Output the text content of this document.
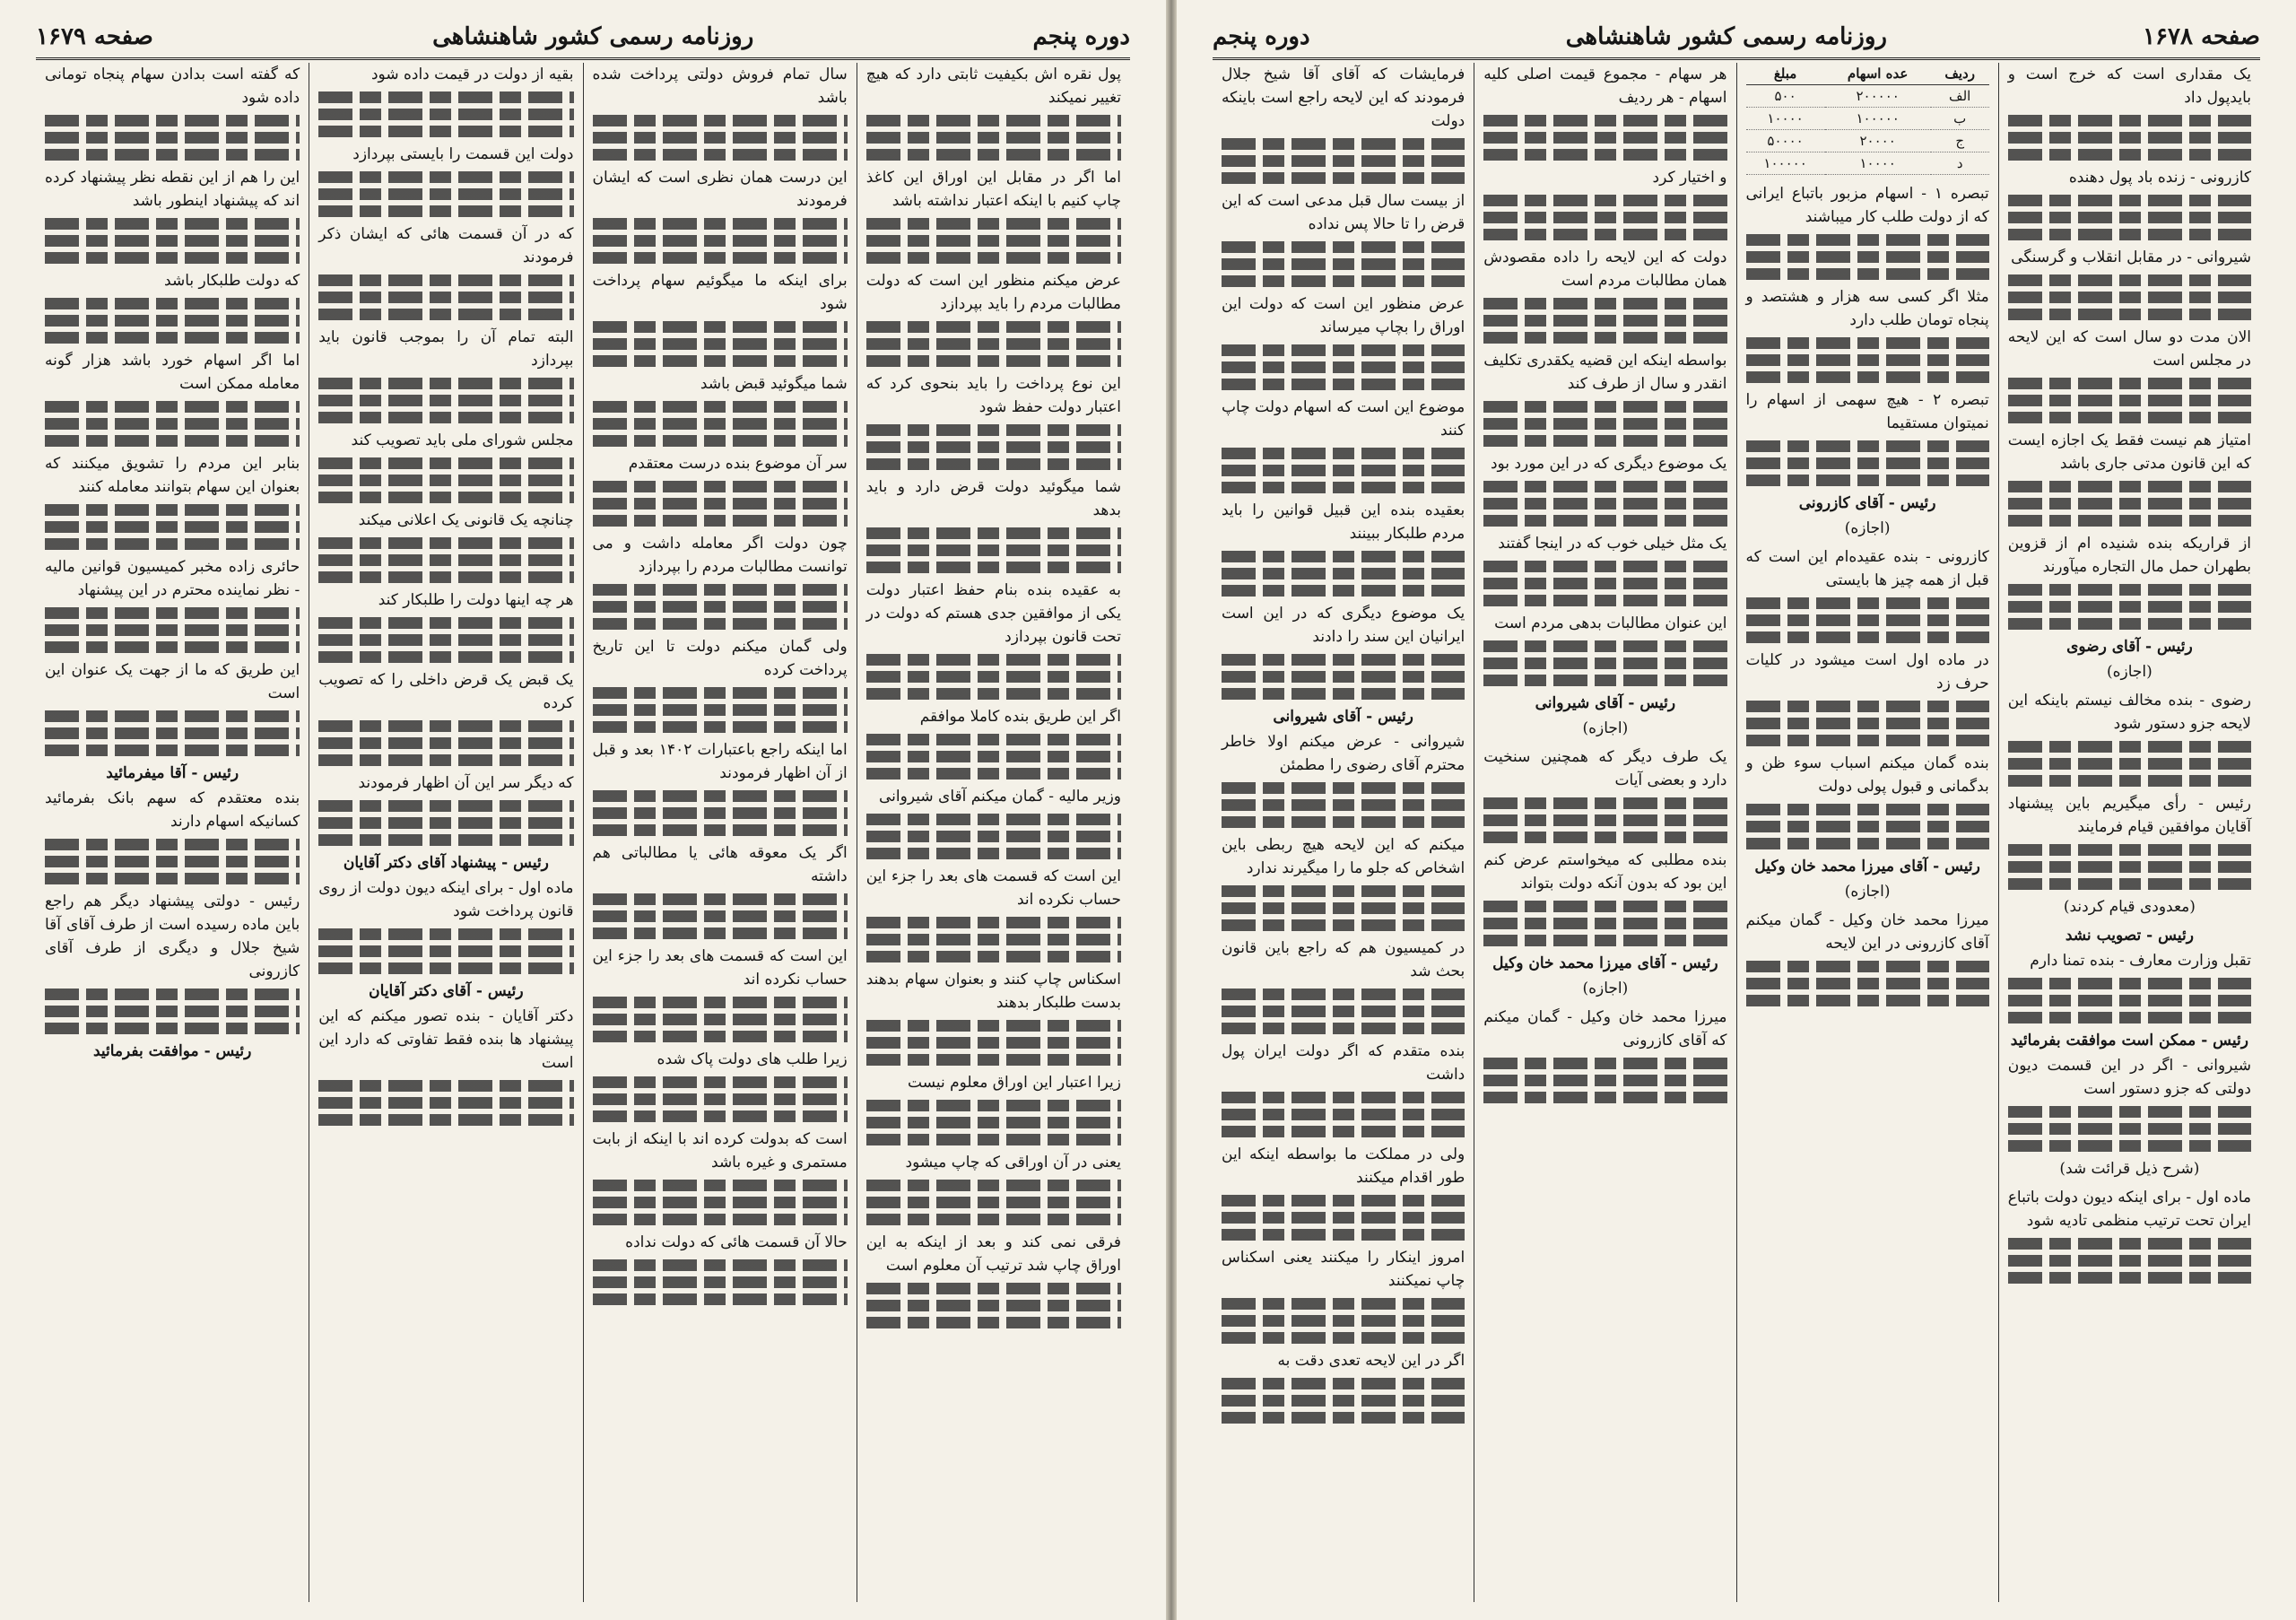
دوره پنجم
روزنامه رسمی کشور شاهنشاهی
صفحه ۱۶۷۹

پول نقره اش بکیفیت ثابتی دارد که هیچ تغییر نمیکند

اما اگر در مقابل این اوراق این کاغذ چاپ کنیم با اینکه اعتبار نداشته باشد

عرض میکنم منظور این است که دولت مطالبات مردم را باید بپردازد

این نوع پرداخت را باید بنحوی کرد که اعتبار دولت حفظ شود

شما میگوئید دولت قرض دارد و باید بدهد

به عقیده بنده بنام حفظ اعتبار دولت یکی از موافقین جدی هستم که دولت در تحت قانون بپردازد

اگر این طریق بنده کاملا موافقم

وزیر مالیه - گمان میکنم آقای شیروانی

این است که قسمت های بعد را جزء این حساب نکرده اند

اسکناس چاپ کنند و بعنوان سهام بدهند بدست طلبکار بدهند

زیرا اعتبار این اوراق معلوم نیست

یعنی در آن اوراقی که چاپ میشود

فرقی نمی کند و بعد از اینکه به این اوراق چاپ شد ترتیب آن معلوم است

سال تمام فروش دولتی پرداخت شده باشد

این درست همان نظری است که ایشان فرمودند

برای اینکه ما میگوئیم سهام پرداخت شود

شما میگوئید قبض باشد

سر آن موضوع بنده درست معتقدم

چون دولت اگر معامله داشت و می توانست مطالبات مردم را بپردازد

ولی گمان میکنم دولت تا این تاریخ پرداخت کرده

اما اینکه راجع باعتبارات ۱۴۰۲ بعد و قبل از آن اظهار فرمودند

اگر یک معوقه هائی یا مطالباتی هم داشته

این است که قسمت های بعد را جزء این حساب نکرده اند

زیرا طلب های دولت پاک شده

است که بدولت کرده اند با اینکه از بابت مستمری و غیره باشد

حالا آن قسمت هائی که دولت نداده

بقیه از دولت در قیمت داده شود

دولت این قسمت را بایستی بپردازد

که در آن قسمت هائی که ایشان ذکر فرمودند

البته تمام آن را بموجب قانون باید بپردازد

مجلس شورای ملی باید تصویب کند

چنانچه یک قانونی یک اعلانی میکند

هر چه اینها دولت را طلبکار کند

یک قبض یک قرض داخلی را که تصویب کرده

که دیگر سر این آن اظهار فرمودند

رئیس - پیشنهاد آقای دکتر آقایان

ماده اول - برای اینکه دیون دولت از روی قانون پرداخت شود

رئیس - آقای دکتر آقایان

دکتر آقایان - بنده تصور میکنم که این پیشنهاد ها بنده فقط تفاوتی که دارد این است

که گفته است بدادن سهام پنجاه تومانی داده شود

این را هم از این نقطه نظر پیشنهاد کرده اند که پیشنهاد اینطور باشد

که دولت طلبکار باشد

اما اگر اسهام خورد باشد هزار گونه معامله ممکن است

بنابر این مردم را تشویق میکنند که بعنوان این سهام بتوانند معامله کنند

حائری زاده مخبر کمیسیون قوانین مالیه - نظر نماینده محترم در این پیشنهاد

این طریق که ما از جهت یک عنوان این است

رئیس - آقا میفرمائید

بنده معتقدم که سهم بانک بفرمائید کسانیکه اسهام دارند

رئیس - دولتی پیشنهاد دیگر هم راجع باین ماده رسیده است از طرف آقای آقا شیخ جلال و دیگری از طرف آقای کازرونی

رئیس - موافقت بفرمائید
صفحه ۱۶۷۸
روزنامه رسمی کشور شاهنشاهی
دوره پنجم

یک مقداری است که خرج است و بایدپول داد

کازرونی - زنده باد پول دهنده

شیروانی - در مقابل انقلاب و گرسنگی

الان مدت دو سال است که این لایحه در مجلس است

امتیاز هم نیست فقط یک اجازه ایست که این قانون مدتی جاری باشد

از قراریکه بنده شنیده ام از قزوین بطهران حمل مال التجاره میآورند

رئیس - آقای رضوی
(اجازه)

رضوی - بنده مخالف نیستم باینکه این لایحه جزو دستور شود

رئیس - رأی میگیریم باین پیشنهاد آقایان موافقین قیام فرمایند

(معدودی قیام کردند)
رئیس - تصویب نشد

تقبل وزارت معارف - بنده تمنا دارم

رئیس - ممکن است موافقت بفرمائید

شیروانی - اگر در این قسمت دیون دولتی که جزو دستور است

(شرح ذیل قرائت شد)

ماده اول - برای اینکه دیون دولت باتباع ایران تحت ترتیب منظمی تادیه شود

ردیف	عده اسهام	مبلغ
الف	۲۰۰۰۰۰	۵۰۰
ب	۱۰۰۰۰۰	۱۰۰۰۰
ج	۲۰۰۰۰	۵۰۰۰۰
د	۱۰۰۰۰	۱۰۰۰۰۰

تبصره ۱ - اسهام مزبور باتباع ایرانی که از دولت طلب کار میباشند

مثلا اگر کسی سه هزار و هشتصد و پنجاه تومان طلب دارد

تبصره ۲ - هیچ سهمی از اسهام را نمیتوان مستقیما

رئیس - آقای کازرونی
(اجازه)

کازرونی - بنده عقیده‌ام این است که قبل از همه چیز ها بایستی

در ماده اول است میشود در کلیات حرف زد

بنده گمان میکنم اسباب سوء ظن و بدگمانی و قبول پولی دولت

رئیس - آقای میرزا محمد خان وکیل
(اجازه)

میرزا محمد خان وکیل - گمان میکنم آقای کازرونی در این لایحه

هر سهام - مجموع قیمت اصلی کلیه اسهام - هر ردیف

و اختیار کرد

دولت که این لایحه را داده مقصودش همان مطالبات مردم است

بواسطه اینکه این قضیه یکقدری تکلیف انقدر و سال از طرف کند

یک موضوع دیگری که در این مورد بود

یک مثل خیلی خوب که در اینجا گفتند

این عنوان مطالبات بدهی مردم است

رئیس - آقای شیروانی
(اجازه)

یک طرف دیگر که همچنین سنخیت دارد و بعضی آیات

بنده مطلبی که میخواستم عرض کنم این بود که بدون آنکه دولت بتواند

رئیس - آقای میرزا محمد خان وکیل
(اجازه)

میرزا محمد خان وکیل - گمان میکنم که آقای کازرونی

فرمایشات که آقای آقا شیخ جلال فرمودند که این لایحه راجع است باینکه دولت

از بیست سال قبل مدعی است که این قرض را تا حالا پس نداده

عرض منظور این است که دولت این اوراق را بچاپ میرساند

موضوع این است که اسهام دولت چاپ کنند

بعقیده بنده این قبیل قوانین را باید مردم طلبکار ببینند

یک موضوع دیگری که در این است ایرانیان این سند را دادند

رئیس - آقای شیروانی

شیروانی - عرض میکنم اولا خاطر محترم آقای رضوی را مطمئن

میکنم که این لایحه هیچ ربطی باین اشخاص که جلو ما را میگیرند ندارد

در کمیسیون هم که راجع باین قانون بحث شد

بنده متقدم که اگر دولت ایران پول داشت

ولی در مملکت ما بواسطه اینکه این طور اقدام میکنند

امروز اینکار را میکنند یعنی اسکناس چاپ نمیکنند

اگر در این لایحه تعدی دقت به
